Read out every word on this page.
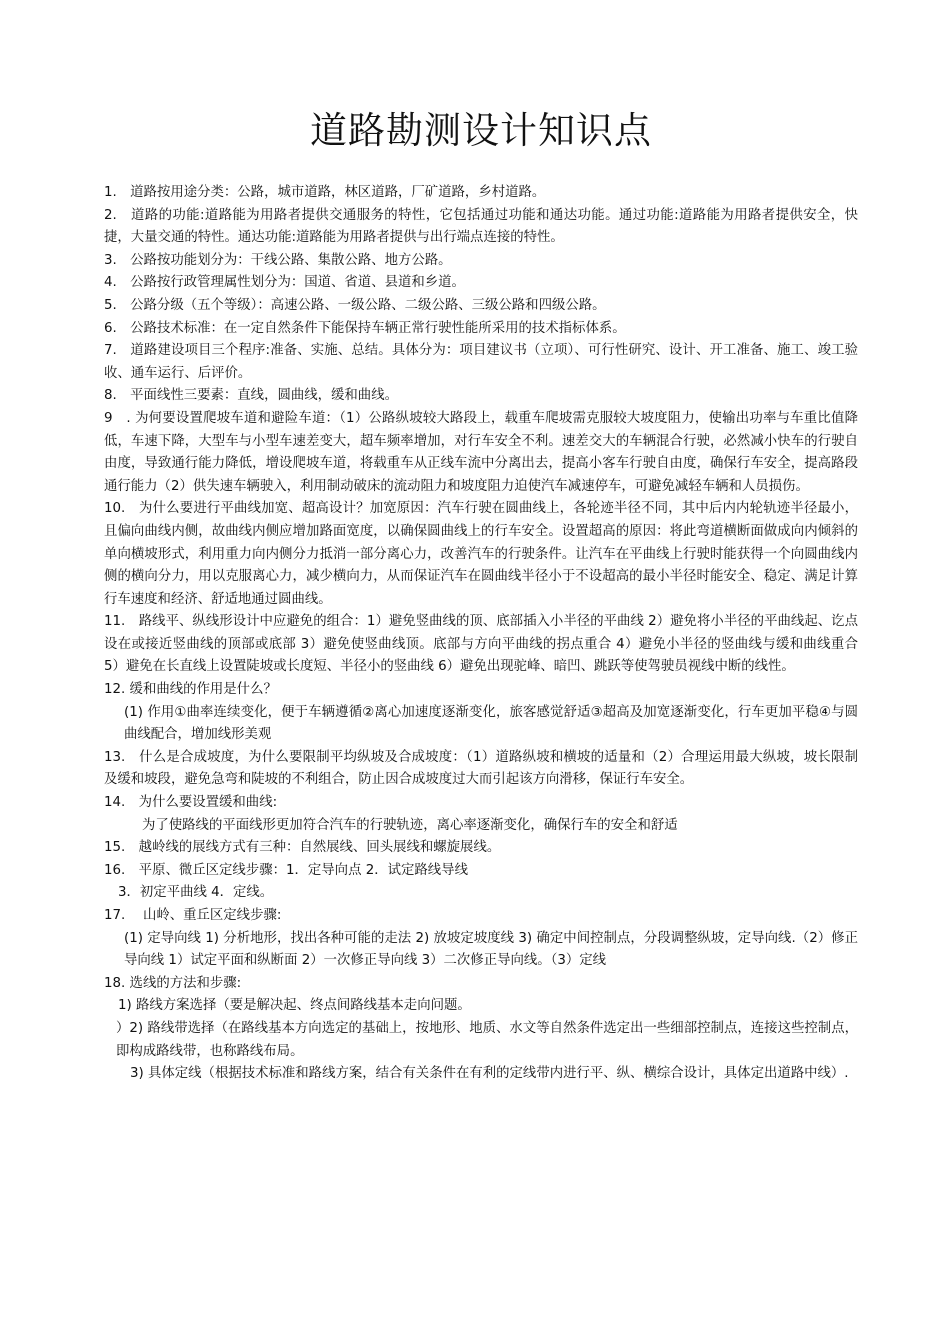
道路勘测设计知识点

1.　道路按用途分类：公路，城市道路，林区道路，厂矿道路，乡村道路。

2.　道路的功能:道路能为用路者提供交通服务的特性，它包括通过功能和通达功能。通过功能:道路能为用路者提供安全，快捷，大量交通的特性。通达功能:道路能为用路者提供与出行端点连接的特性。

3.　公路按功能划分为：干线公路、集散公路、地方公路。

4.　公路按行政管理属性划分为：国道、省道、县道和乡道。

5.　公路分级（五个等级）：高速公路、一级公路、二级公路、三级公路和四级公路。

6.　公路技术标准：在一定自然条件下能保持车辆正常行驶性能所采用的技术指标体系。

7.　道路建设项目三个程序:准备、实施、总结。具体分为：项目建议书（立项）、可行性研究、设计、开工准备、施工、竣工验收、通车运行、后评价。

8.　平面线性三要素：直线，圆曲线，缓和曲线。

9　. 为何要设置爬坡车道和避险车道：（1）公路纵坡较大路段上，载重车爬坡需克服较大坡度阻力，使输出功率与车重比值降低，车速下降，大型车与小型车速差变大，超车频率增加，对行车安全不利。速差交大的车辆混合行驶，必然减小快车的行驶自由度，导致通行能力降低，增设爬坡车道，将载重车从正线车流中分离出去，提高小客车行驶自由度，确保行车安全，提高路段通行能力（2）供失速车辆驶入，利用制动破床的流动阻力和坡度阻力迫使汽车减速停车，可避免减轻车辆和人员损伤。

10.　为什么要进行平曲线加宽、超高设计？加宽原因：汽车行驶在圆曲线上，各轮迹半径不同，其中后内内轮轨迹半径最小，且偏向曲线内侧，故曲线内侧应增加路面宽度，以确保圆曲线上的行车安全。设置超高的原因：将此弯道横断面做成向内倾斜的单向横坡形式，利用重力向内侧分力抵消一部分离心力，改善汽车的行驶条件。让汽车在平曲线上行驶时能获得一个向圆曲线内侧的横向分力，用以克服离心力，减少横向力，从而保证汽车在圆曲线半径小于不设超高的最小半径时能安全、稳定、满足计算行车速度和经济、舒适地通过圆曲线。

11.　路线平、纵线形设计中应避免的组合：1）避免竖曲线的顶、底部插入小半径的平曲线 2）避免将小半径的平曲线起、讫点设在或接近竖曲线的顶部或底部 3）避免使竖曲线顶。底部与方向平曲线的拐点重合 4）避免小半径的竖曲线与缓和曲线重合 5）避免在长直线上设置陡坡或长度短、半径小的竖曲线 6）避免出现驼峰、暗凹、跳跃等使驾驶员视线中断的线性。

12. 缓和曲线的作用是什么？

(1) 作用①曲率连续变化，便于车辆遵循②离心加速度逐渐变化，旅客感觉舒适③超高及加宽逐渐变化，行车更加平稳④与圆曲线配合，增加线形美观

13.　什么是合成坡度，为什么要限制平均纵坡及合成坡度：（1）道路纵坡和横坡的适量和（2）合理运用最大纵坡，坡长限制及缓和坡段，避免急弯和陡坡的不利组合，防止因合成坡度过大而引起该方向滑移，保证行车安全。

14.　为什么要设置缓和曲线:

为了使路线的平面线形更加符合汽车的行驶轨迹，离心率逐渐变化，确保行车的安全和舒适

15.　越岭线的展线方式有三种：自然展线、回头展线和螺旋展线。

16.　平原、微丘区定线步骤：1．定导向点 2．试定路线导线

3．初定平曲线 4．定线。

17.　 山岭、重丘区定线步骤:

(1) 定导向线 1) 分析地形，找出各种可能的走法 2) 放坡定坡度线 3) 确定中间控制点，分段调整纵坡，定导向线.（2）修正导向线 1）试定平面和纵断面 2）一次修正导向线 3）二次修正导向线。（3）定线

18. 选线的方法和步骤:

1) 路线方案选择（要是解决起、终点间路线基本走向问题。

）2) 路线带选择（在路线基本方向选定的基础上，按地形、地质、水文等自然条件选定出一些细部控制点，连接这些控制点，即构成路线带，也称路线布局。

3) 具体定线（根据技术标准和路线方案，结合有关条件在有利的定线带内进行平、纵、横综合设计，具体定出道路中线）.
